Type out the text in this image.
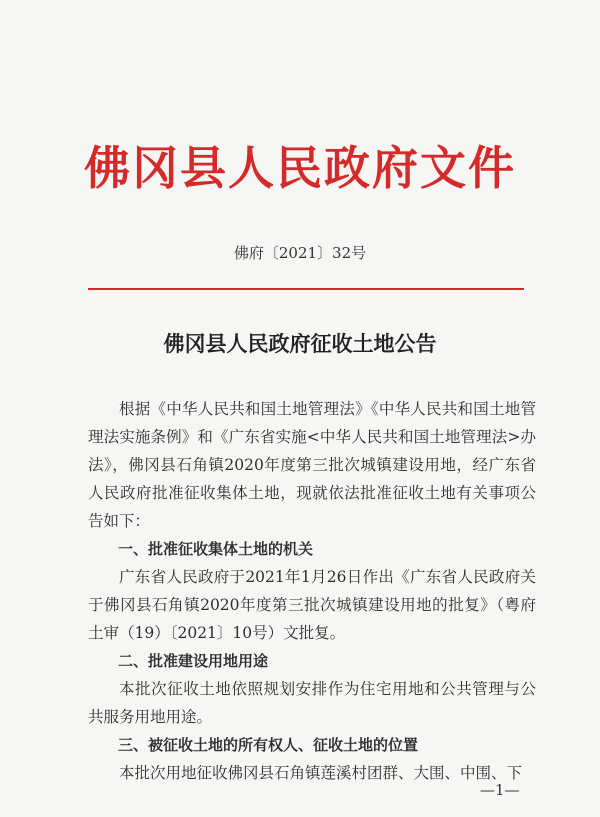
佛冈县人民政府文件
佛府〔2021〕32号
佛冈县人民政府征收土地公告

根据《中华人民共和国土地管理法》《中华人民共和国土地管理法实施条例》和《广东省实施<中华人民共和国土地管理法>办法》，佛冈县石角镇2020年度第三批次城镇建设用地，经广东省人民政府批准征收集体土地，现就依法批准征收土地有关事项公告如下：

一、批准征收集体土地的机关

广东省人民政府于2021年1月26日作出《广东省人民政府关于佛冈县石角镇2020年度第三批次城镇建设用地的批复》（粤府土审（19）〔2021〕10号）文批复。

二、批准建设用地用途

本批次征收土地依照规划安排作为住宅用地和公共管理与公共服务用地用途。

三、被征收土地的所有权人、征收土地的位置

本批次用地征收佛冈县石角镇莲溪村团群、大围、中围、下

—1—
